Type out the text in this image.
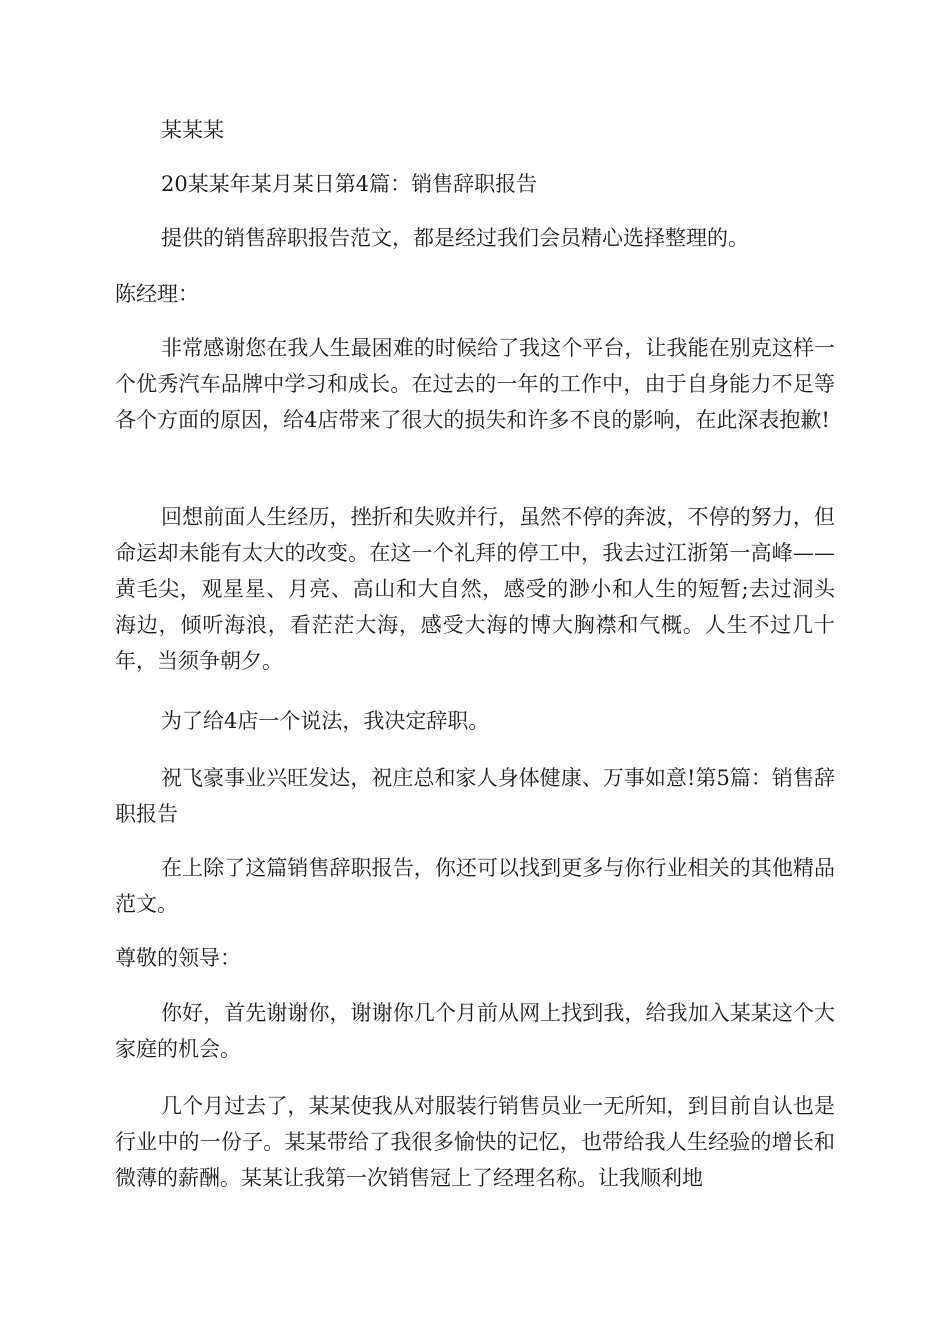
某某某

20某某年某月某日第4篇：销售辞职报告

提供的销售辞职报告范文，都是经过我们会员精心选择整理的。

陈经理：

非常感谢您在我人生最困难的时候给了我这个平台，让我能在别克这样一个优秀汽车品牌中学习和成长。在过去的一年的工作中，由于自身能力不足等各个方面的原因，给4店带来了很大的损失和许多不良的影响，在此深表抱歉!

回想前面人生经历，挫折和失败并行，虽然不停的奔波，不停的努力，但命运却未能有太大的改变。在这一个礼拜的停工中，我去过江浙第一高峰——黄毛尖，观星星、月亮、高山和大自然，感受的渺小和人生的短暂;去过洞头海边，倾听海浪，看茫茫大海，感受大海的博大胸襟和气概。人生不过几十年，当须争朝夕。

为了给4店一个说法，我决定辞职。

祝飞豪事业兴旺发达，祝庄总和家人身体健康、万事如意!第5篇：销售辞职报告

在上除了这篇销售辞职报告，你还可以找到更多与你行业相关的其他精品范文。

尊敬的领导：

你好，首先谢谢你，谢谢你几个月前从网上找到我，给我加入某某这个大家庭的机会。

几个月过去了，某某使我从对服装行销售员业一无所知，到目前自认也是行业中的一份子。某某带给了我很多愉快的记忆，也带给我人生经验的增长和微薄的薪酬。某某让我第一次销售冠上了经理名称。让我顺利地
